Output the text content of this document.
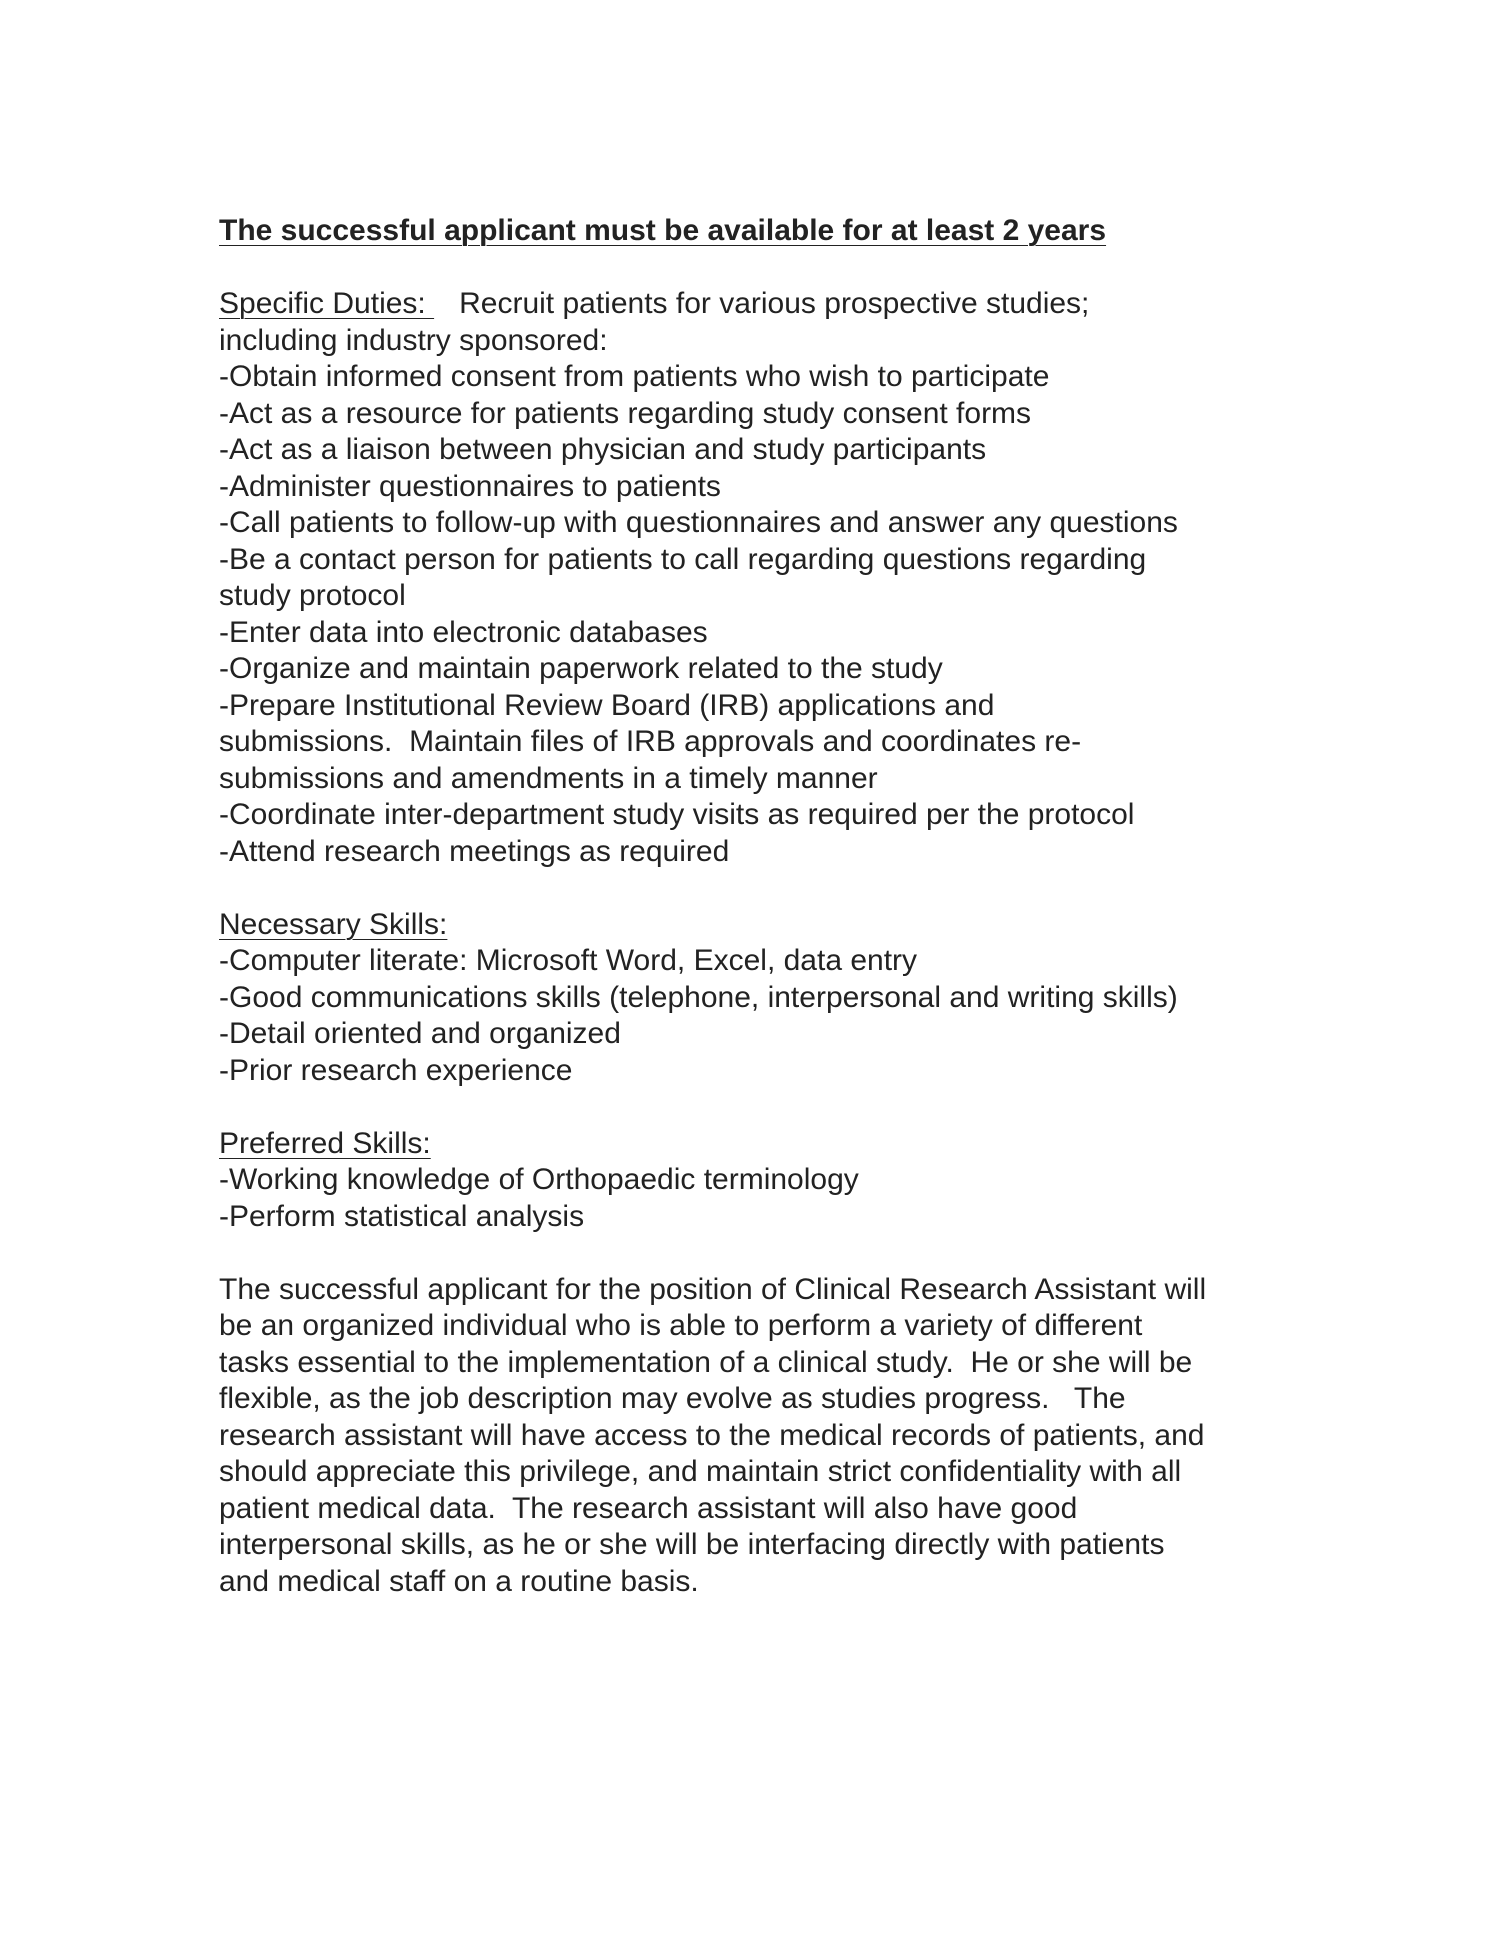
The successful applicant must be available for at least 2 years
Specific Duties:    Recruit patients for various prospective studies;
including industry sponsored:
-Obtain informed consent from patients who wish to participate
-Act as a resource for patients regarding study consent forms
-Act as a liaison between physician and study participants
-Administer questionnaires to patients
-Call patients to follow-up with questionnaires and answer any questions
-Be a contact person for patients to call regarding questions regarding
study protocol
-Enter data into electronic databases
-Organize and maintain paperwork related to the study
-Prepare Institutional Review Board (IRB) applications and
submissions.  Maintain files of IRB approvals and coordinates re-
submissions and amendments in a timely manner
-Coordinate inter-department study visits as required per the protocol
-Attend research meetings as required
Necessary Skills:
-Computer literate: Microsoft Word, Excel, data entry
-Good communications skills (telephone, interpersonal and writing skills)
-Detail oriented and organized
-Prior research experience
Preferred Skills:
-Working knowledge of Orthopaedic terminology
-Perform statistical analysis
The successful applicant for the position of Clinical Research Assistant will
be an organized individual who is able to perform a variety of different
tasks essential to the implementation of a clinical study.  He or she will be
flexible, as the job description may evolve as studies progress.   The
research assistant will have access to the medical records of patients, and
should appreciate this privilege, and maintain strict confidentiality with all
patient medical data.  The research assistant will also have good
interpersonal skills, as he or she will be interfacing directly with patients
and medical staff on a routine basis.
